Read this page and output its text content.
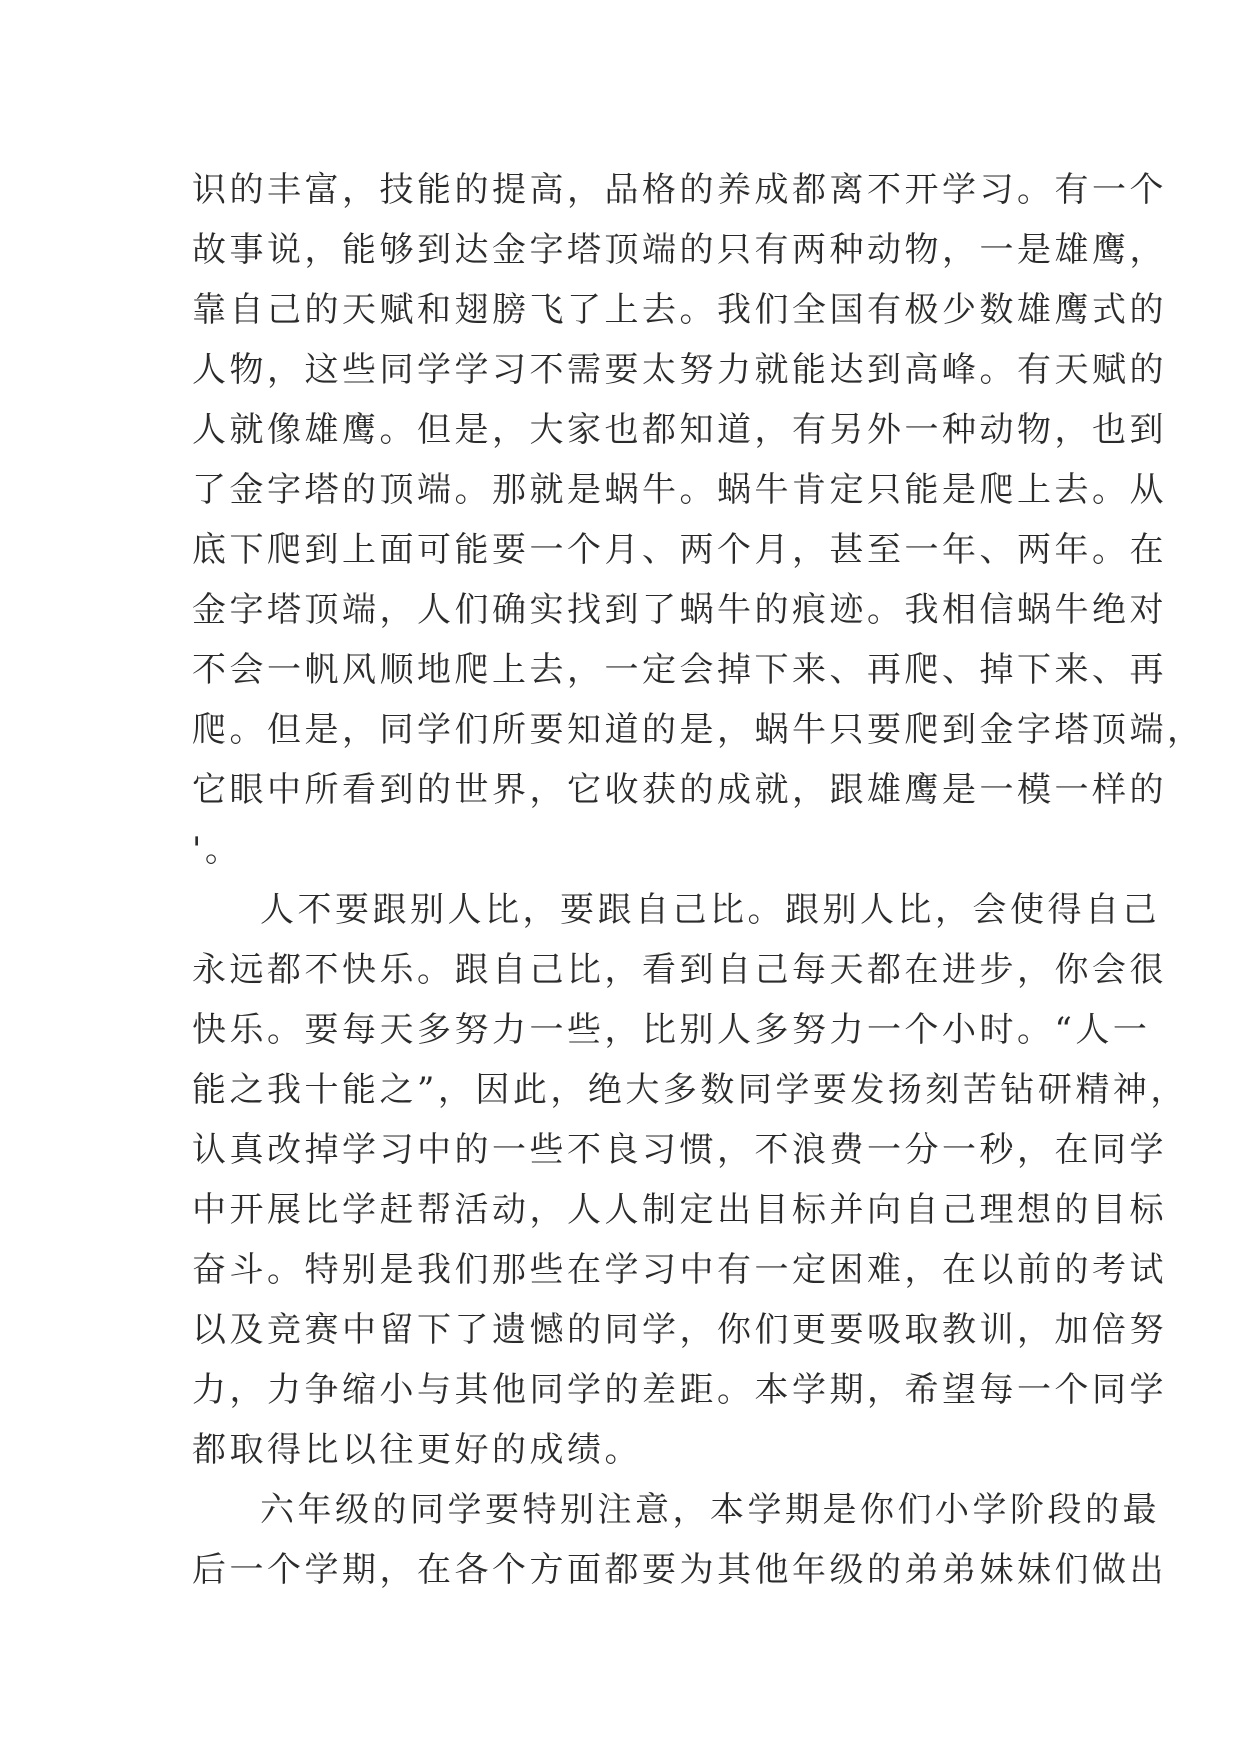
识的丰富，技能的提高，品格的养成都离不开学习。有一个
故事说，能够到达金字塔顶端的只有两种动物，一是雄鹰，
靠自己的天赋和翅膀飞了上去。我们全国有极少数雄鹰式的
人物，这些同学学习不需要太努力就能达到高峰。有天赋的
人就像雄鹰。但是，大家也都知道，有另外一种动物，也到
了金字塔的顶端。那就是蜗牛。蜗牛肯定只能是爬上去。从
底下爬到上面可能要一个月、两个月，甚至一年、两年。在
金字塔顶端，人们确实找到了蜗牛的痕迹。我相信蜗牛绝对
不会一帆风顺地爬上去，一定会掉下来、再爬、掉下来、再
爬。但是，同学们所要知道的是，蜗牛只要爬到金字塔顶端，
它眼中所看到的世界，它收获的成就，跟雄鹰是一模一样的
'。
人不要跟别人比，要跟自己比。跟别人比，会使得自己
永远都不快乐。跟自己比，看到自己每天都在进步，你会很
快乐。要每天多努力一些，比别人多努力一个小时。“人一
能之我十能之”，因此，绝大多数同学要发扬刻苦钻研精神，
认真改掉学习中的一些不良习惯，不浪费一分一秒，在同学
中开展比学赶帮活动，人人制定出目标并向自己理想的目标
奋斗。特别是我们那些在学习中有一定困难，在以前的考试
以及竞赛中留下了遗憾的同学，你们更要吸取教训，加倍努
力，力争缩小与其他同学的差距。本学期，希望每一个同学
都取得比以往更好的成绩。
六年级的同学要特别注意，本学期是你们小学阶段的最
后一个学期，在各个方面都要为其他年级的弟弟妹妹们做出
